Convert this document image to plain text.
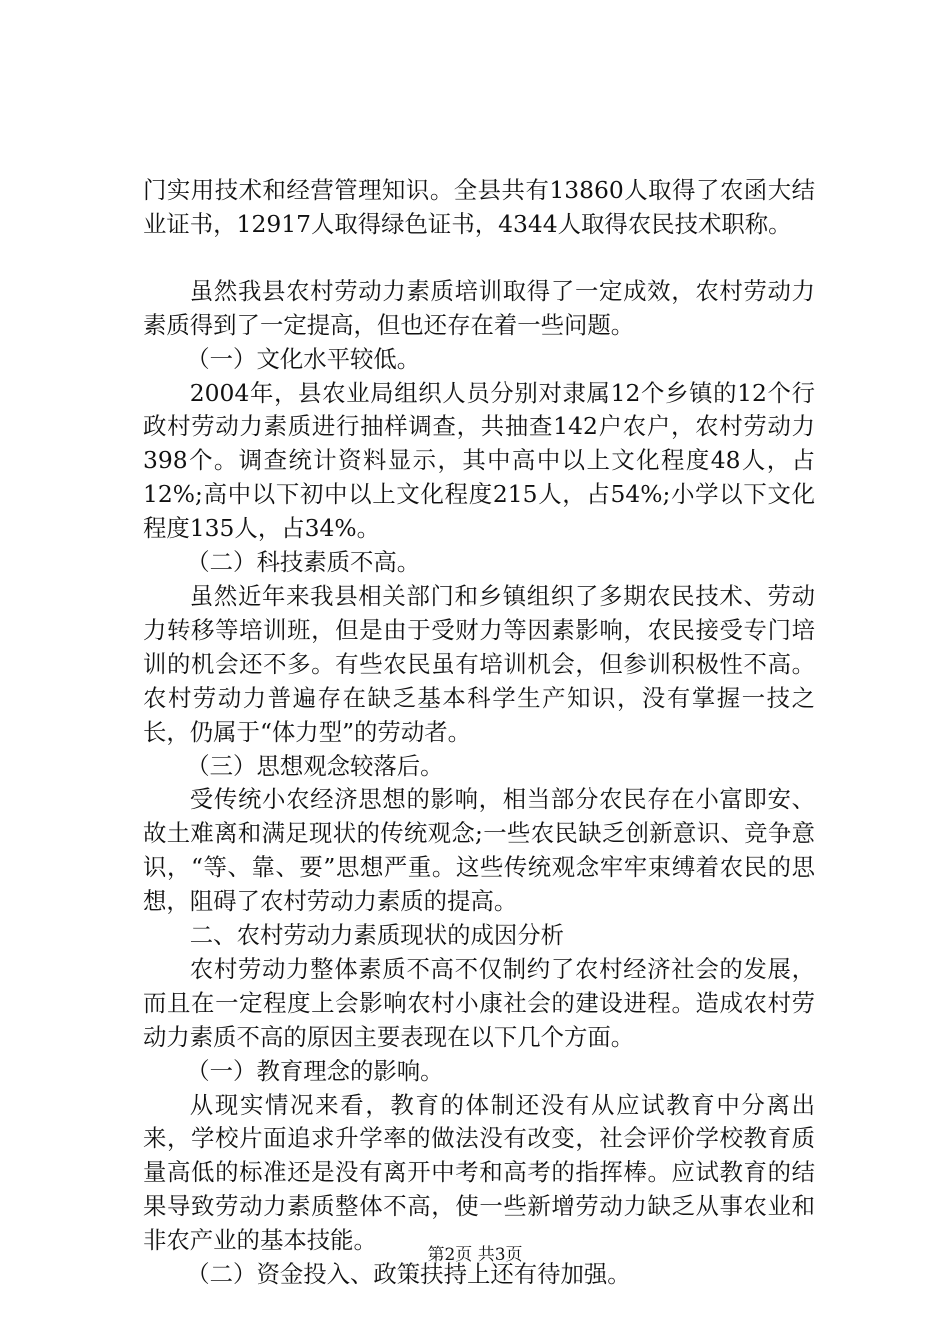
门实用技术和经营管理知识。全县共有13860人取得了农函大结业证书，12917人取得绿色证书，4344人取得农民技术职称。

虽然我县农村劳动力素质培训取得了一定成效，农村劳动力素质得到了一定提高，但也还存在着一些问题。

（一）文化水平较低。

2004年，县农业局组织人员分别对隶属12个乡镇的12个行政村劳动力素质进行抽样调查，共抽查142户农户，农村劳动力398个。调查统计资料显示，其中高中以上文化程度48人，占12%;高中以下初中以上文化程度215人，占54%;小学以下文化程度135人，占34%。

（二）科技素质不高。

虽然近年来我县相关部门和乡镇组织了多期农民技术、劳动力转移等培训班，但是由于受财力等因素影响，农民接受专门培训的机会还不多。有些农民虽有培训机会，但参训积极性不高。农村劳动力普遍存在缺乏基本科学生产知识，没有掌握一技之长，仍属于“体力型”的劳动者。

（三）思想观念较落后。

受传统小农经济思想的影响，相当部分农民存在小富即安、故土难离和满足现状的传统观念;一些农民缺乏创新意识、竞争意识，“等、靠、要”思想严重。这些传统观念牢牢束缚着农民的思想，阻碍了农村劳动力素质的提高。

二、农村劳动力素质现状的成因分析

农村劳动力整体素质不高不仅制约了农村经济社会的发展，而且在一定程度上会影响农村小康社会的建设进程。造成农村劳动力素质不高的原因主要表现在以下几个方面。

（一）教育理念的影响。

从现实情况来看，教育的体制还没有从应试教育中分离出来，学校片面追求升学率的做法没有改变，社会评价学校教育质量高低的标准还是没有离开中考和高考的指挥棒。应试教育的结果导致劳动力素质整体不高，使一些新增劳动力缺乏从事农业和非农产业的基本技能。

（二）资金投入、政策扶持上还有待加强。

第2页 共3页
